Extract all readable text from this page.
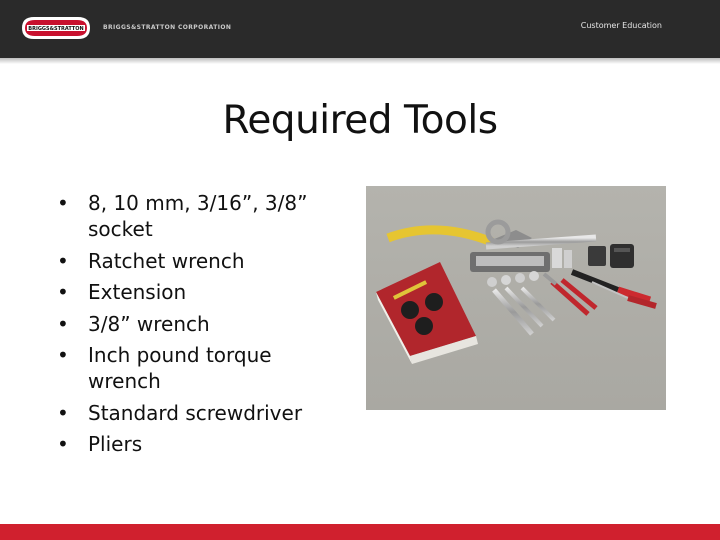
BRIGGS&STRATTON	BRIGGS&STRATTON CORPORATION	Customer Education
Required Tools
• 8, 10 mm, 3/16”, 3/8” socket
• Ratchet wrench
• Extension
• 3/8” wrench
• Inch pound torque wrench
• Standard screwdriver
• Pliers
